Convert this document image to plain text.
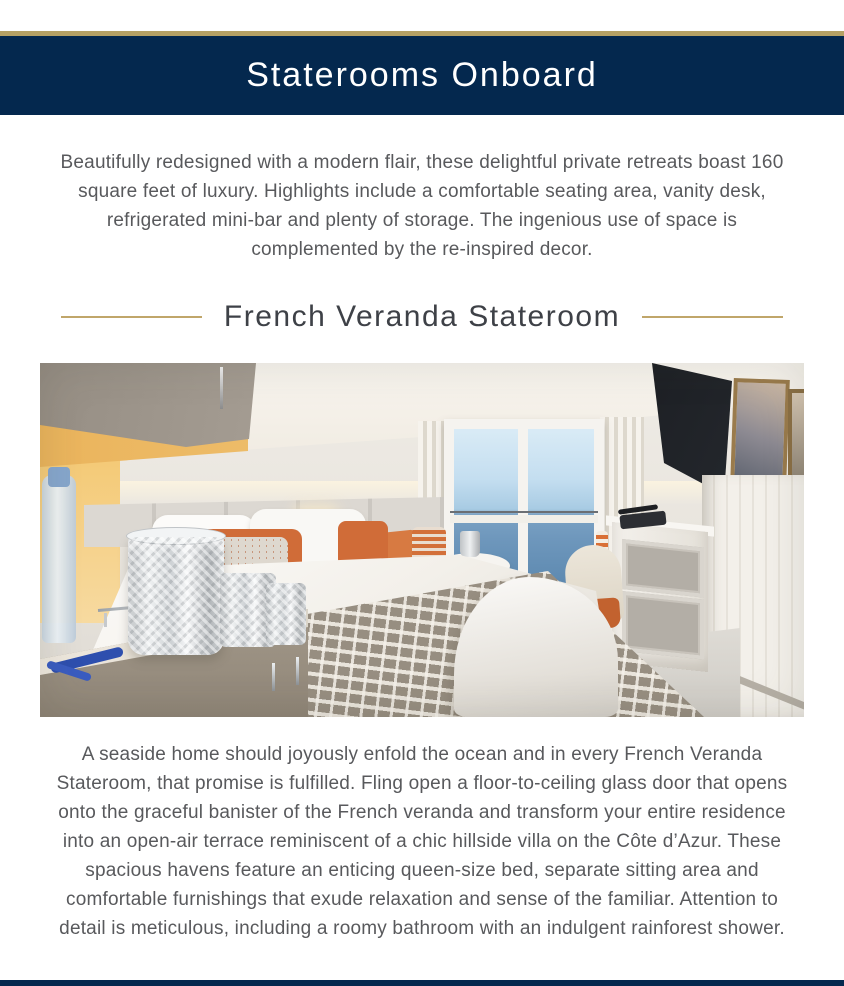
Staterooms Onboard

Beautifully redesigned with a modern flair, these delightful private retreats boast 160 square feet of luxury. Highlights include a comfortable seating area, vanity desk, refrigerated mini-bar and plenty of storage. The ingenious use of space is complemented by the re-inspired decor.

French Veranda Stateroom

A seaside home should joyously enfold the ocean and in every French Veranda Stateroom, that promise is fulfilled. Fling open a floor-to-ceiling glass door that opens onto the graceful banister of the French veranda and transform your entire residence into an open-air terrace reminiscent of a chic hillside villa on the Côte d’Azur. These spacious havens feature an enticing queen-size bed, separate sitting area and comfortable furnishings that exude relaxation and sense of the familiar. Attention to detail is meticulous, including a roomy bathroom with an indulgent rainforest shower.
